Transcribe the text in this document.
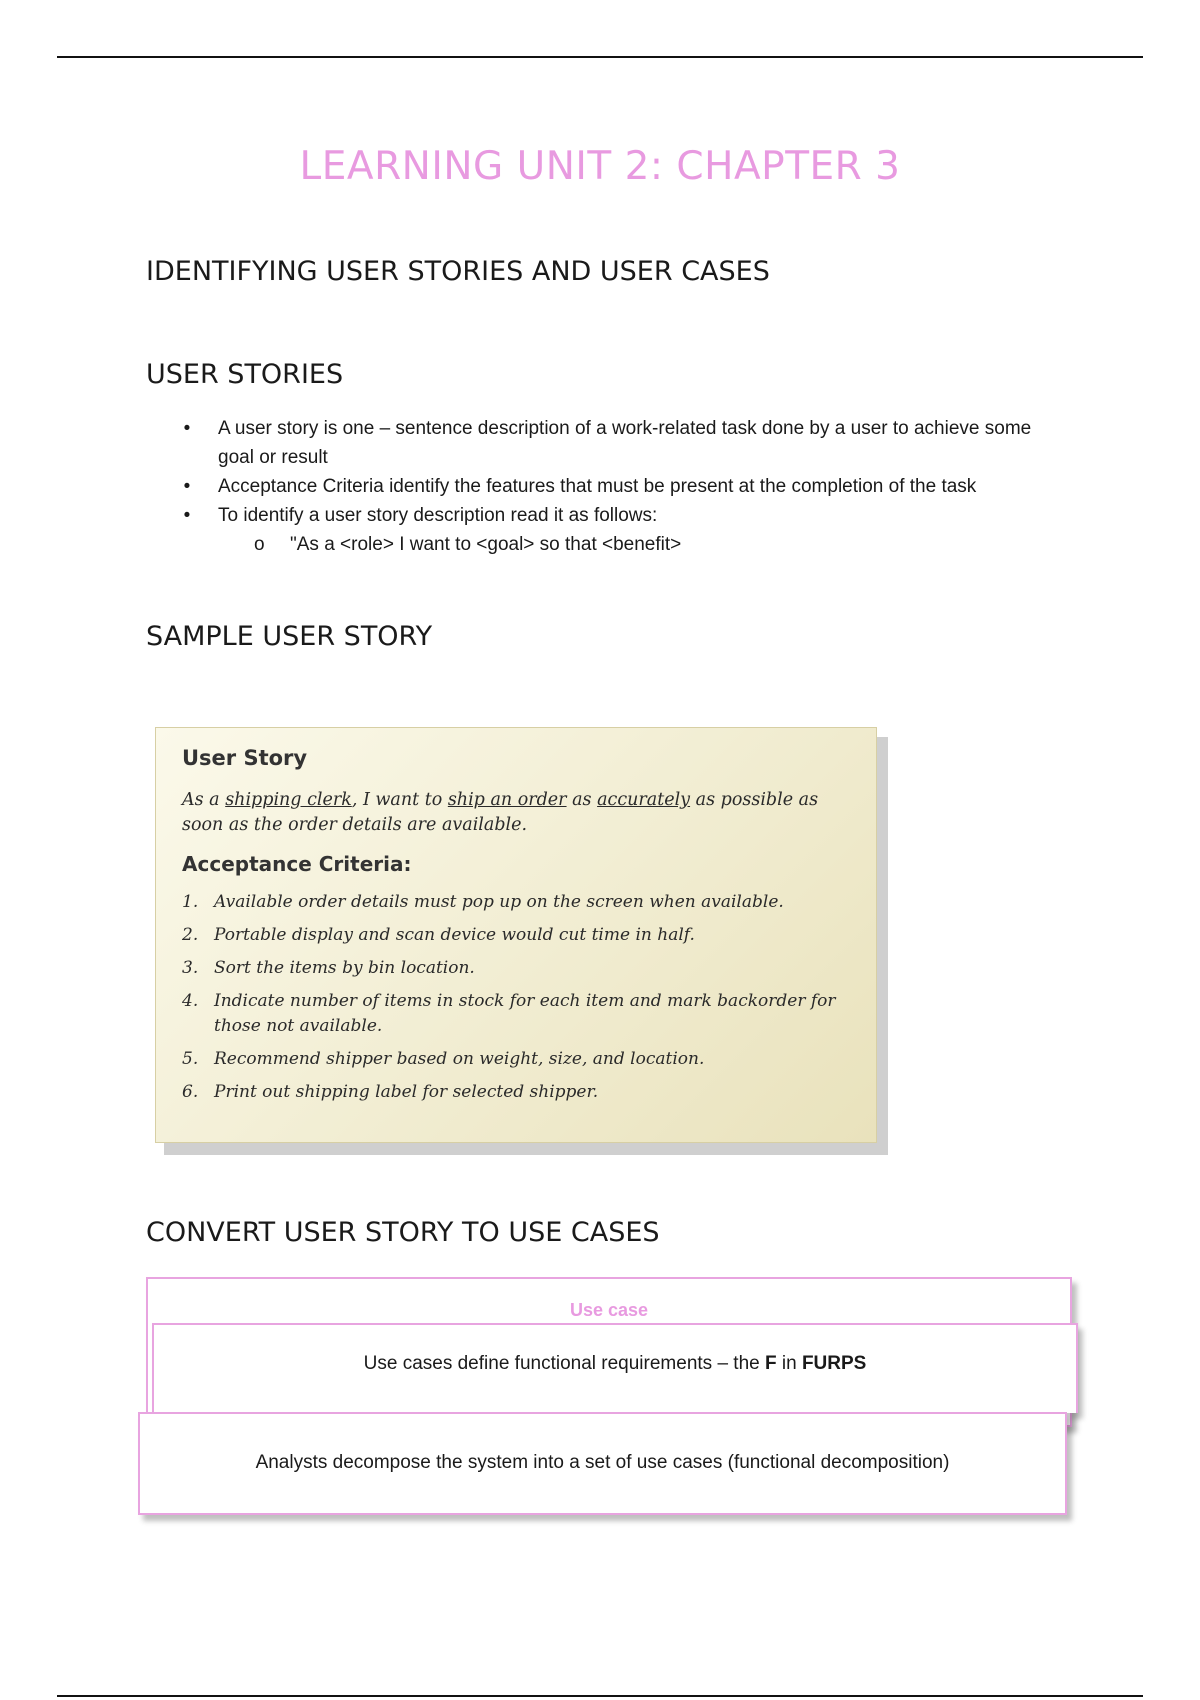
LEARNING UNIT 2: CHAPTER 3
IDENTIFYING USER STORIES AND USER CASES
USER STORIES
• A user story is one – sentence description of a work-related task done by a user to achieve some goal or result
• Acceptance Criteria identify the features that must be present at the completion of the task
• To identify a user story description read it as follows:
o "As a <role> I want to <goal> so that <benefit>
SAMPLE USER STORY
User Story
As a shipping clerk, I want to ship an order as accurately as possible as soon as the order details are available.
Acceptance Criteria:
1. Available order details must pop up on the screen when available.
2. Portable display and scan device would cut time in half.
3. Sort the items by bin location.
4. Indicate number of items in stock for each item and mark backorder for those not available.
5. Recommend shipper based on weight, size, and location.
6. Print out shipping label for selected shipper.
CONVERT USER STORY TO USE CASES
Use case
Use cases define functional requirements – the F in FURPS
Analysts decompose the system into a set of use cases (functional decomposition)
